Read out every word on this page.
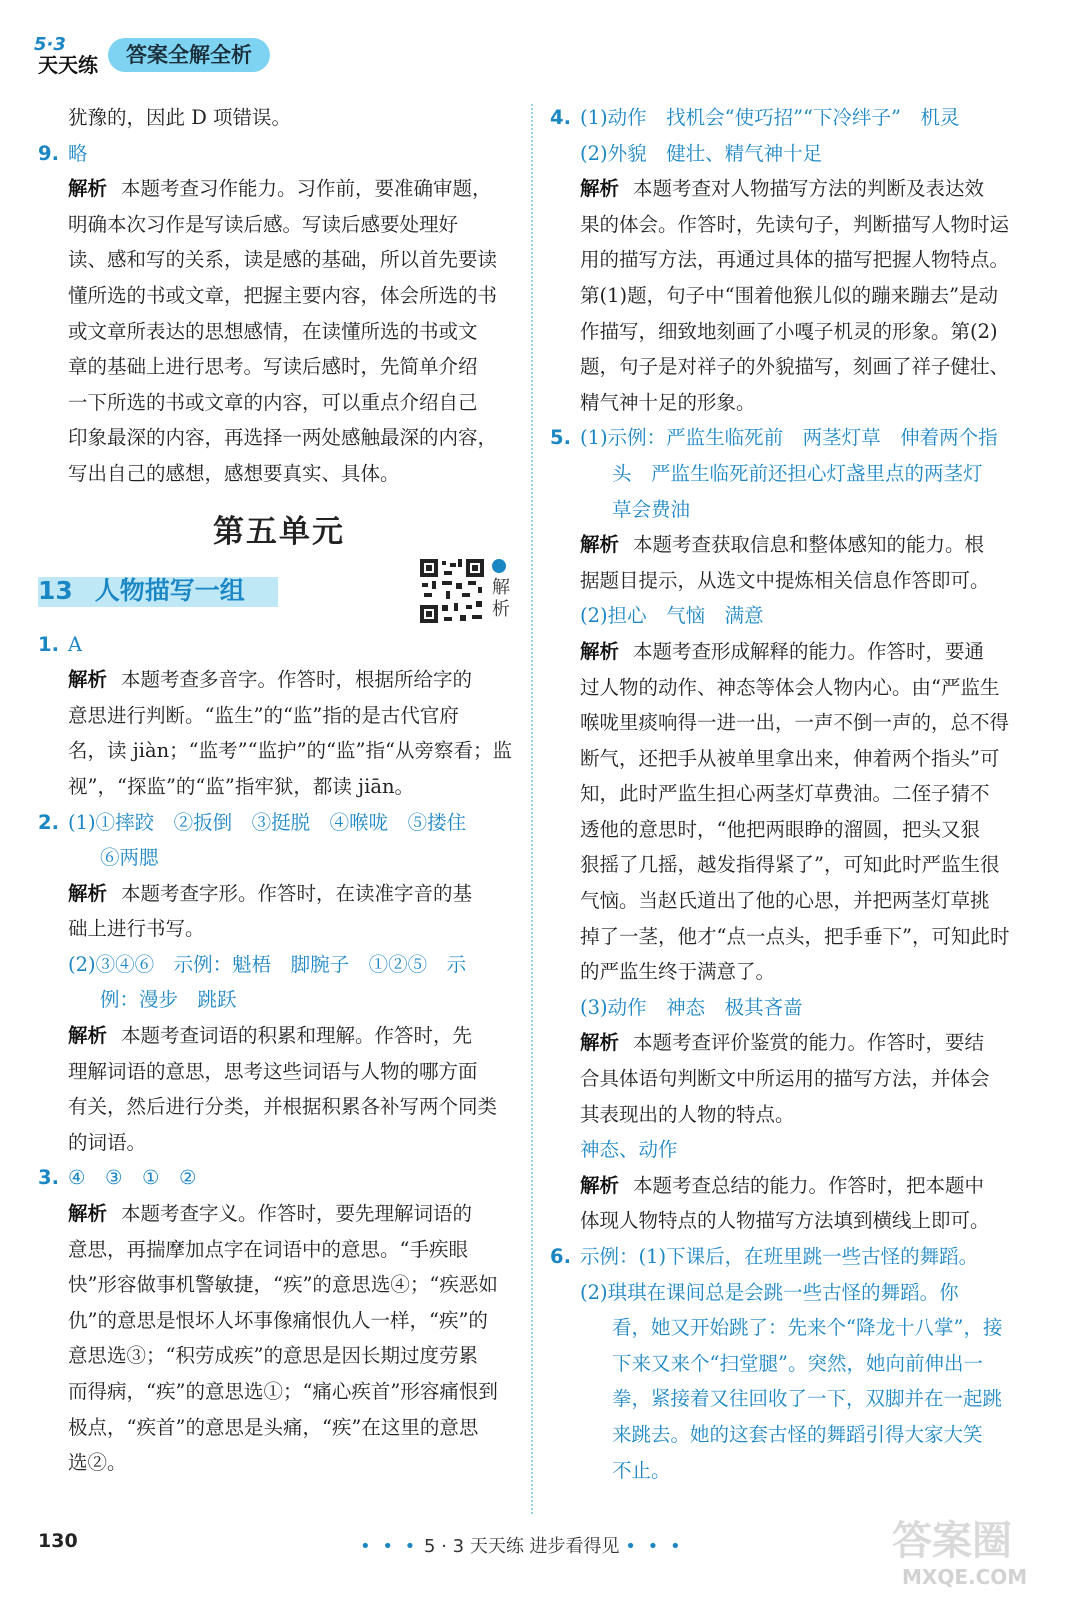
5·3
天天练	答案全解全析

犹豫的，因此 D 项错误。

9. 略

解析 本题考查习作能力。习作前，要准确审题，

明确本次习作是写读后感。写读后感要处理好

读、感和写的关系，读是感的基础，所以首先要读

懂所选的书或文章，把握主要内容，体会所选的书

或文章所表达的思想感情，在读懂所选的书或文

章的基础上进行思考。写读后感时，先简单介绍

一下所选的书或文章的内容，可以重点介绍自己

印象最深的内容，再选择一两处感触最深的内容，

写出自己的感想，感想要真实、具体。

第五单元
13 人物描写一组	解析

1. A

解析 本题考查多音字。作答时，根据所给字的

意思进行判断。“监生”的“监”指的是古代官府

名，读 jiàn；“监考”“监护”的“监”指“从旁察看；监

视”，“探监”的“监”指牢狱，都读 jiān。

2. (1)①摔跤　②扳倒　③挺脱　④喉咙　⑤搂住

⑥两腮

解析 本题考查字形。作答时，在读准字音的基

础上进行书写。

(2)③④⑥　示例：魁梧　脚腕子　①②⑤　示

例：漫步　跳跃

解析 本题考查词语的积累和理解。作答时，先

理解词语的意思，思考这些词语与人物的哪方面

有关，然后进行分类，并根据积累各补写两个同类

的词语。

3. ④　③　①　②

解析 本题考查字义。作答时，要先理解词语的

意思，再揣摩加点字在词语中的意思。“手疾眼

快”形容做事机警敏捷，“疾”的意思选④；“疾恶如

仇”的意思是恨坏人坏事像痛恨仇人一样，“疾”的

意思选③；“积劳成疾”的意思是因长期过度劳累

而得病，“疾”的意思选①；“痛心疾首”形容痛恨到

极点，“疾首”的意思是头痛，“疾”在这里的意思

选②。

4. (1)动作　找机会“使巧招”“下冷绊子”　机灵

(2)外貌　健壮、精气神十足

解析 本题考查对人物描写方法的判断及表达效

果的体会。作答时，先读句子，判断描写人物时运

用的描写方法，再通过具体的描写把握人物特点。

第(1)题，句子中“围着他猴儿似的蹦来蹦去”是动

作描写，细致地刻画了小嘎子机灵的形象。第(2)

题，句子是对祥子的外貌描写，刻画了祥子健壮、

精气神十足的形象。

5. (1)示例：严监生临死前　两茎灯草　伸着两个指

头　严监生临死前还担心灯盏里点的两茎灯

草会费油

解析 本题考查获取信息和整体感知的能力。根

据题目提示，从选文中提炼相关信息作答即可。

(2)担心　气恼　满意

解析 本题考查形成解释的能力。作答时，要通

过人物的动作、神态等体会人物内心。由“严监生

喉咙里痰响得一进一出，一声不倒一声的，总不得

断气，还把手从被单里拿出来，伸着两个指头”可

知，此时严监生担心两茎灯草费油。二侄子猜不

透他的意思时，“他把两眼睁的溜圆，把头又狠

狠摇了几摇，越发指得紧了”，可知此时严监生很

气恼。当赵氏道出了他的心思，并把两茎灯草挑

掉了一茎，他才“点一点头，把手垂下”，可知此时

的严监生终于满意了。

(3)动作　神态　极其吝啬

解析 本题考查评价鉴赏的能力。作答时，要结

合具体语句判断文中所运用的描写方法，并体会

其表现出的人物的特点。

神态、动作

解析 本题考查总结的能力。作答时，把本题中

体现人物特点的人物描写方法填到横线上即可。

6. 示例：(1)下课后，在班里跳一些古怪的舞蹈。

(2)琪琪在课间总是会跳一些古怪的舞蹈。你

看，她又开始跳了：先来个“降龙十八掌”，接

下来又来个“扫堂腿”。突然，她向前伸出一

拳，紧接着又往回收了一下，双脚并在一起跳

来跳去。她的这套古怪的舞蹈引得大家大笑

不止。

130	• • • 5 · 3 天天练 进步看得见 • • •	答案圈
MXQE.COM
